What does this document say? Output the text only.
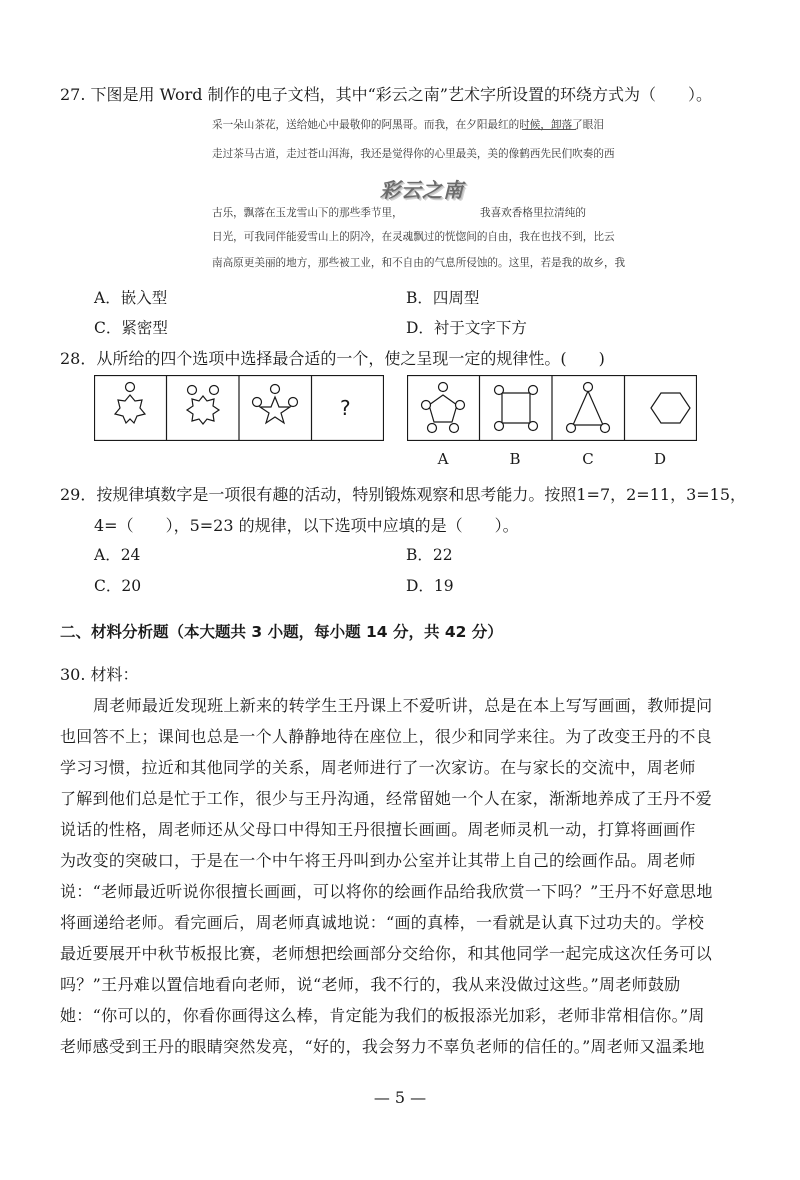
27. 下图是用 Word 制作的电子文档，其中“彩云之南”艺术字所设置的环绕方式为（　　）。
采一朵山茶花，送给她心中最敬仰的阿黑哥。而我，在夕阳最红的时候，卸落了眼泪
走过茶马古道，走过苍山洱海，我还是觉得你的心里最美，美的像鹤西先民们吹奏的西
彩云之南
古乐，飘落在玉龙雪山下的那些季节里，	我喜欢香格里拉清纯的
日光，可我同伴能爱雪山上的阴冷，在灵魂飘过的恍惚间的自由，我在也找不到，比云
南高原更美丽的地方，那些被工业，和不自由的气息所侵蚀的。这里，若是我的故乡，我
A．嵌入型	B．四周型
C．紧密型	D．衬于文字下方
28．从所给的四个选项中选择最合适的一个，使之呈现一定的规律性。(　　)
?
A	B	C	D
29．按规律填数字是一项很有趣的活动，特别锻炼观察和思考能力。按照1=7，2=11，3=15，
4=（　　），5=23 的规律，以下选项中应填的是（　　）。
A．24	B．22
C．20	D．19
二、材料分析题（本大题共 3 小题，每小题 14 分，共 42 分）
30. 材料：
周老师最近发现班上新来的转学生王丹课上不爱听讲，总是在本上写写画画，教师提问
也回答不上；课间也总是一个人静静地待在座位上，很少和同学来往。为了改变王丹的不良
学习习惯，拉近和其他同学的关系，周老师进行了一次家访。在与家长的交流中，周老师
了解到他们总是忙于工作，很少与王丹沟通，经常留她一个人在家，渐渐地养成了王丹不爱
说话的性格，周老师还从父母口中得知王丹很擅长画画。周老师灵机一动，打算将画画作
为改变的突破口，于是在一个中午将王丹叫到办公室并让其带上自己的绘画作品。周老师
说：“老师最近听说你很擅长画画，可以将你的绘画作品给我欣赏一下吗？”王丹不好意思地
将画递给老师。看完画后，周老师真诚地说：“画的真棒，一看就是认真下过功夫的。学校
最近要展开中秋节板报比赛，老师想把绘画部分交给你，和其他同学一起完成这次任务可以
吗？”王丹难以置信地看向老师，说“老师，我不行的，我从来没做过这些。”周老师鼓励
她：“你可以的，你看你画得这么棒，肯定能为我们的板报添光加彩，老师非常相信你。”周
老师感受到王丹的眼睛突然发亮，“好的，我会努力不辜负老师的信任的。”周老师又温柔地
— 5 —
